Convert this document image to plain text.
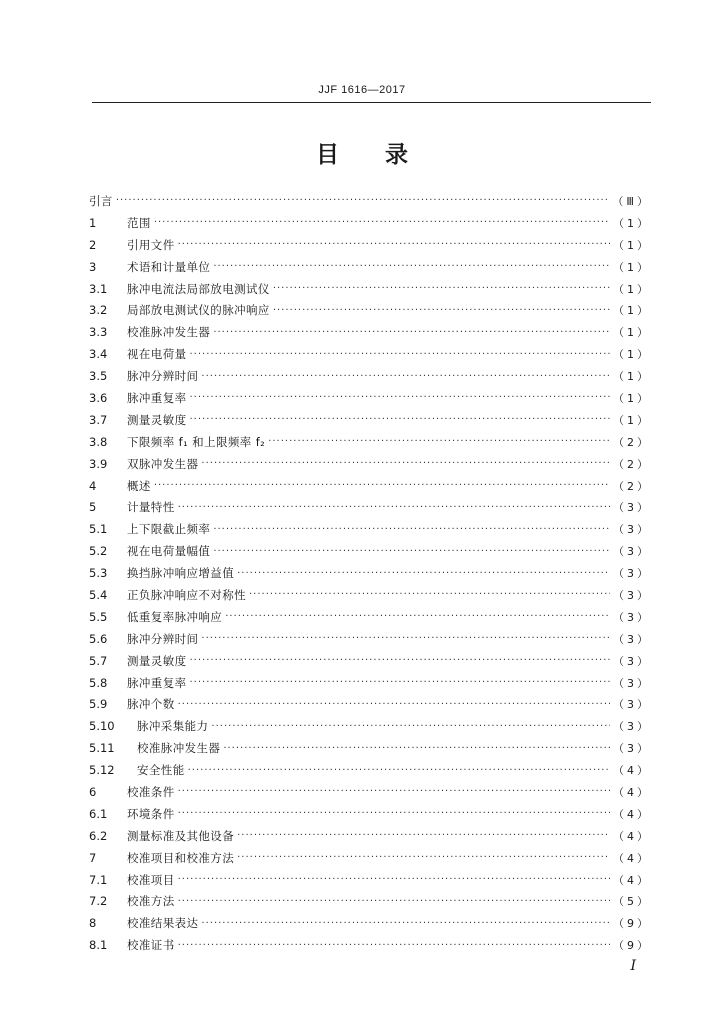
JJF 1616—2017
目 录
引言 ·····	（Ⅲ）
1	范围 ·····	（1）
2	引用文件 ·····	（1）
3	术语和计量单位 ·····	（1）
3.1	脉冲电流法局部放电测试仪 ·····	（1）
3.2	局部放电测试仪的脉冲响应 ·····	（1）
3.3	校准脉冲发生器 ·····	（1）
3.4	视在电荷量 ·····	（1）
3.5	脉冲分辨时间 ·····	（1）
3.6	脉冲重复率 ·····	（1）
3.7	测量灵敏度 ·····	（1）
3.8	下限频率 f₁ 和上限频率 f₂ ·····	（2）
3.9	双脉冲发生器 ·····	（2）
4	概述 ·····	（2）
5	计量特性 ·····	（3）
5.1	上下限截止频率 ·····	（3）
5.2	视在电荷量幅值 ·····	（3）
5.3	换挡脉冲响应增益值 ·····	（3）
5.4	正负脉冲响应不对称性 ·····	（3）
5.5	低重复率脉冲响应 ·····	（3）
5.6	脉冲分辨时间 ·····	（3）
5.7	测量灵敏度 ·····	（3）
5.8	脉冲重复率 ·····	（3）
5.9	脉冲个数 ·····	（3）
5.10	脉冲采集能力 ·····	（3）
5.11	校准脉冲发生器 ·····	（3）
5.12	安全性能 ·····	（4）
6	校准条件 ·····	（4）
6.1	环境条件 ·····	（4）
6.2	测量标准及其他设备 ·····	（4）
7	校准项目和校准方法 ·····	（4）
7.1	校准项目 ·····	（4）
7.2	校准方法 ·····	（5）
8	校准结果表达 ·····	（9）
8.1	校准证书 ·····	（9）
I
